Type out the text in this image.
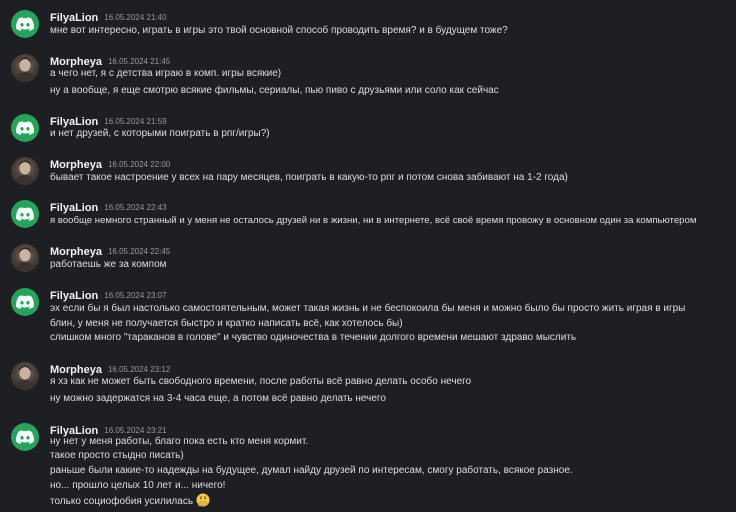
FilyaLion 16.05.2024 21:40
мне вот интересно, играть в игры это твой основной способ проводить время? и в будущем тоже?
Morpheya 16.05.2024 21:45
а чего нет, я с детства играю в комп. игры всякие)
ну а вообще, я еще смотрю всякие фильмы, сериалы, пью пиво с друзьями или соло как сейчас
FilyaLion 16.05.2024 21:59
и нет друзей, с которыми поиграть в рпг/игры?)
Morpheya 16.05.2024 22:00
бывает такое настроение у всех на пару месяцев, поиграть в какую-то рпг и потом снова забивают на 1-2 года)
FilyaLion 16.05.2024 22:43
я вообще немного странный и у меня не осталось друзей ни в жизни, ни в интернете, всё своё время провожу в основном один за компьютером
Morpheya 16.05.2024 22:45
работаешь же за компом
FilyaLion 16.05.2024 23:07
эх если бы я был настолько самостоятельным, может такая жизнь и не беспокоила бы меня и можно было бы просто жить играя в игры
блин, у меня не получается быстро и кратко написать всё, как хотелось бы)
слишком много "тараканов в голове" и чувство одиночества в течении долгого времени мешают здраво мыслить
Morpheya 16.05.2024 23:12
я хз как не может быть свободного времени, после работы всё равно делать особо нечего
ну можно задержатся на 3-4 часа еще, а потом всё равно делать нечего
FilyaLion 16.05.2024 23:21
ну нет у меня работы, благо пока есть кто меня кормит.
такое просто стыдно писать)
раньше были какие-то надежды на будущее, думал найду друзей по интересам, смогу работать, всякое разное.
но... прошло целых 10 лет и... ничего!
только социофобия усилилась
